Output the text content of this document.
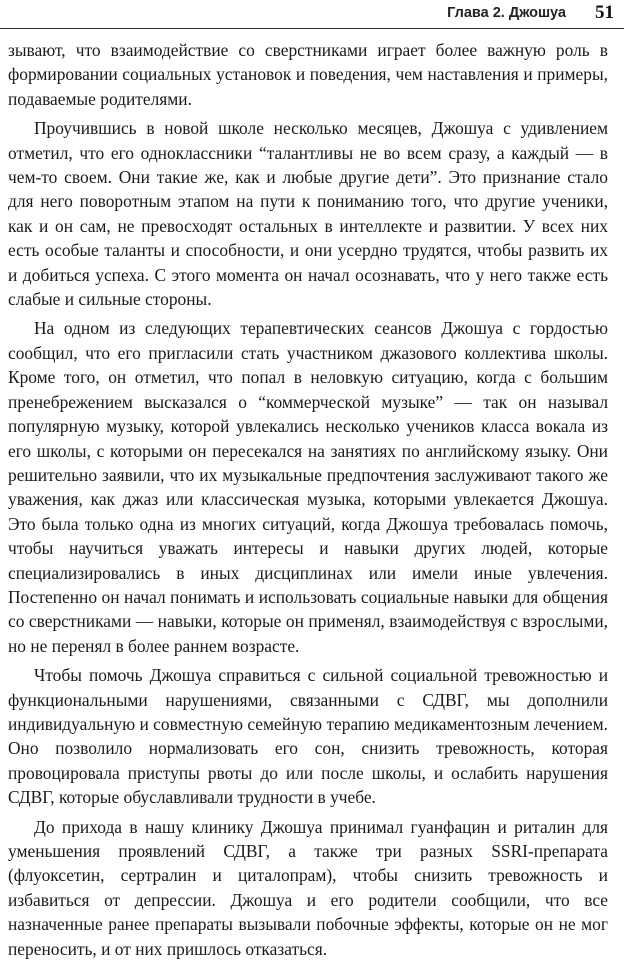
Глава 2. Джошуа 51

зывают, что взаимодействие со сверстниками играет более важную роль в формировании социальных установок и поведения, чем наставления и примеры, подаваемые родителями.

Проучившись в новой школе несколько месяцев, Джошуа с удивлением отметил, что его одноклассники “талантливы не во всем сразу, а каждый — в чем-то своем. Они такие же, как и любые другие дети”. Это признание стало для него поворотным этапом на пути к пониманию того, что другие ученики, как и он сам, не превосходят остальных в интеллекте и развитии. У всех них есть особые таланты и способности, и они усердно трудятся, чтобы развить их и добиться успеха. С этого момента он начал осознавать, что у него также есть слабые и сильные стороны.

На одном из следующих терапевтических сеансов Джошуа с гордостью сообщил, что его пригласили стать участником джазового коллектива школы. Кроме того, он отметил, что попал в неловкую ситуацию, когда с большим пренебрежением высказался о “коммерческой музыке” — так он называл популярную музыку, которой увлекались несколько учеников класса вокала из его школы, с которыми он пересекался на занятиях по английскому языку. Они решительно заявили, что их музыкальные предпочтения заслуживают такого же уважения, как джаз или классическая музыка, которыми увлекается Джошуа. Это была только одна из многих ситуаций, когда Джошуа требовалась помочь, чтобы научиться уважать интересы и навыки других людей, которые специализировались в иных дисциплинах или имели иные увлечения. Постепенно он начал понимать и использовать социальные навыки для общения со сверстниками — навыки, которые он применял, взаимодействуя с взрослыми, но не перенял в более раннем возрасте.

Чтобы помочь Джошуа справиться с сильной социальной тревожностью и функциональными нарушениями, связанными с СДВГ, мы дополнили индивидуальную и совместную семейную терапию медикаментозным лечением. Оно позволило нормализовать его сон, снизить тревожность, которая провоцировала приступы рвоты до или после школы, и ослабить нарушения СДВГ, которые обуславливали трудности в учебе.

До прихода в нашу клинику Джошуа принимал гуанфацин и риталин для уменьшения проявлений СДВГ, а также три разных SSRI-препарата (флуоксетин, сертралин и циталопрам), чтобы снизить тревожность и избавиться от депрессии. Джошуа и его родители сообщили, что все назначенные ранее препараты вызывали побочные эффекты, которые он не мог переносить, и от них пришлось отказаться.
